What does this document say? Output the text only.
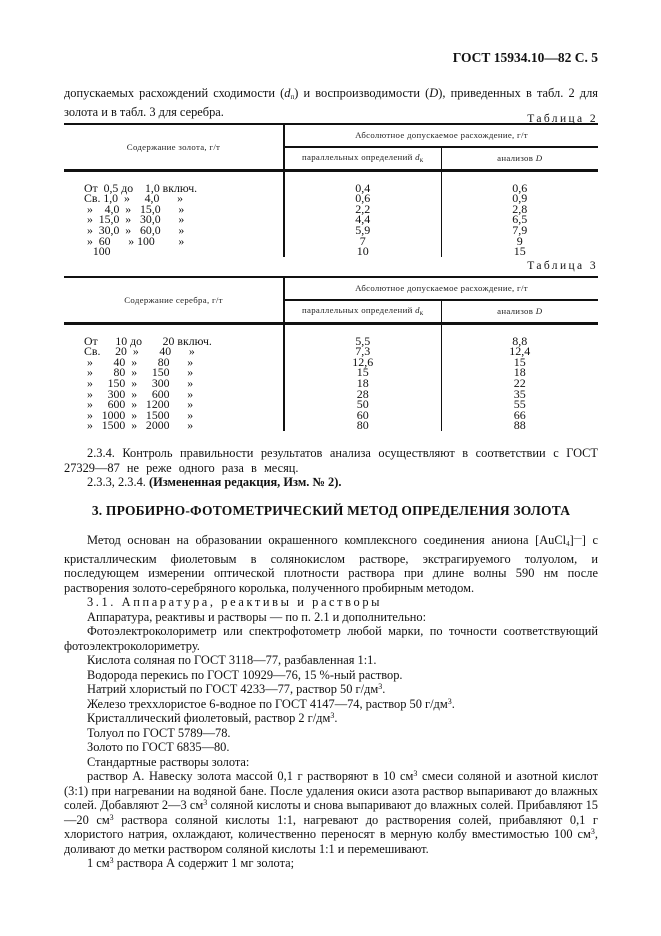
ГОСТ 15934.10—82 С. 5

допускаемых расхождений сходимости $(d_п)$ и воспроизводимости (D), приведенных в табл. 2 для золота и в табл. 3 для серебра.

Таблица 2
Содержание золота, г/т	Абсолютное допускаемое расхождение, г/т	
	параллельных определений $d_к$	анализов D

От  0,5 до    1,0 включ.	0,4	0,6
Св. 1,0  »     4,0      »	0,6	0,9
»    4,0  »   15,0      »	2,2	2,8
»  15,0  »   30,0      »	4,4	6,5
»  30,0  »   60,0      »	5,9	7,9
»  60      » 100        »	7	9
100	10	15
Таблица 3
Содержание серебра, г/т	Абсолютное допускаемое расхождение, г/т	
	параллельных определений $d_к$	анализов D

От      10 до       20 включ.	5,5	8,8
Св.     20  »       40      »	7,3	12,4
»       40  »       80      »	12,6	15
»       80  »     150      »	15	18
»     150  »     300      »	18	22
»     300  »     600      »	28	35
»     600  »   1200      »	50	55
»   1000  »   1500      »	60	66
»   1500  »   2000      »	80	88

2.3.4. Контроль правильности результатов анализа осуществляют в соответствии с ГОСТ 27329—87 не реже одного раза в месяц.

2.3.3, 2.3.4. (Измененная редакция, Изм. № 2).

3. ПРОБИРНО-ФОТОМЕТРИЧЕСКИЙ МЕТОД ОПРЕДЕЛЕНИЯ ЗОЛОТА

Метод основан на образовании окрашенного комплексного соединения аниона [AuCl$_4$]—] с кристаллическим фиолетовым в солянокислом растворе, экстрагируемого толуолом, и последующем измерении оптической плотности раствора при длине волны 590 нм после растворения золото-серебряного королька, полученного пробирным методом.

3.1. Аппаратура, реактивы и растворы

Аппаратура, реактивы и растворы — по п. 2.1 и дополнительно:

Фотоэлектроколориметр или спектрофотометр любой марки, по точности соответствующий фотоэлектроколориметру.

Кислота соляная по ГОСТ 3118—77, разбавленная 1:1.

Водорода перекись по ГОСТ 10929—76, 15 %-ный раствор.

Натрий хлористый по ГОСТ 4233—77, раствор 50 $г/дм^3$.

Железо треххлористое 6-водное по ГОСТ 4147—74, раствор 50 $г/дм^3$.

Кристаллический фиолетовый, раствор 2 $г/дм^3$.

Толуол по ГОСТ 5789—78.

Золото по ГОСТ 6835—80.

Стандартные растворы золота:

раствор А. Навеску золота массой 0,1 г растворяют в 10 $см^3$ смеси соляной и азотной кислот (3:1) при нагревании на водяной бане. После удаления окиси азота раствор выпаривают до влажных солей. Добавляют 2—3 $см^3$ соляной кислоты и снова выпаривают до влажных солей. Прибавляют 15—20 $см^3$ раствора соляной кислоты 1:1, нагревают до растворения солей, прибавляют 0,1 г хлористого натрия, охлаждают, количественно переносят в мерную колбу вместимостью 100 $см^3$, доливают до метки раствором соляной кислоты 1:1 и перемешивают.

1 $см^3$ раствора А содержит 1 мг золота;
